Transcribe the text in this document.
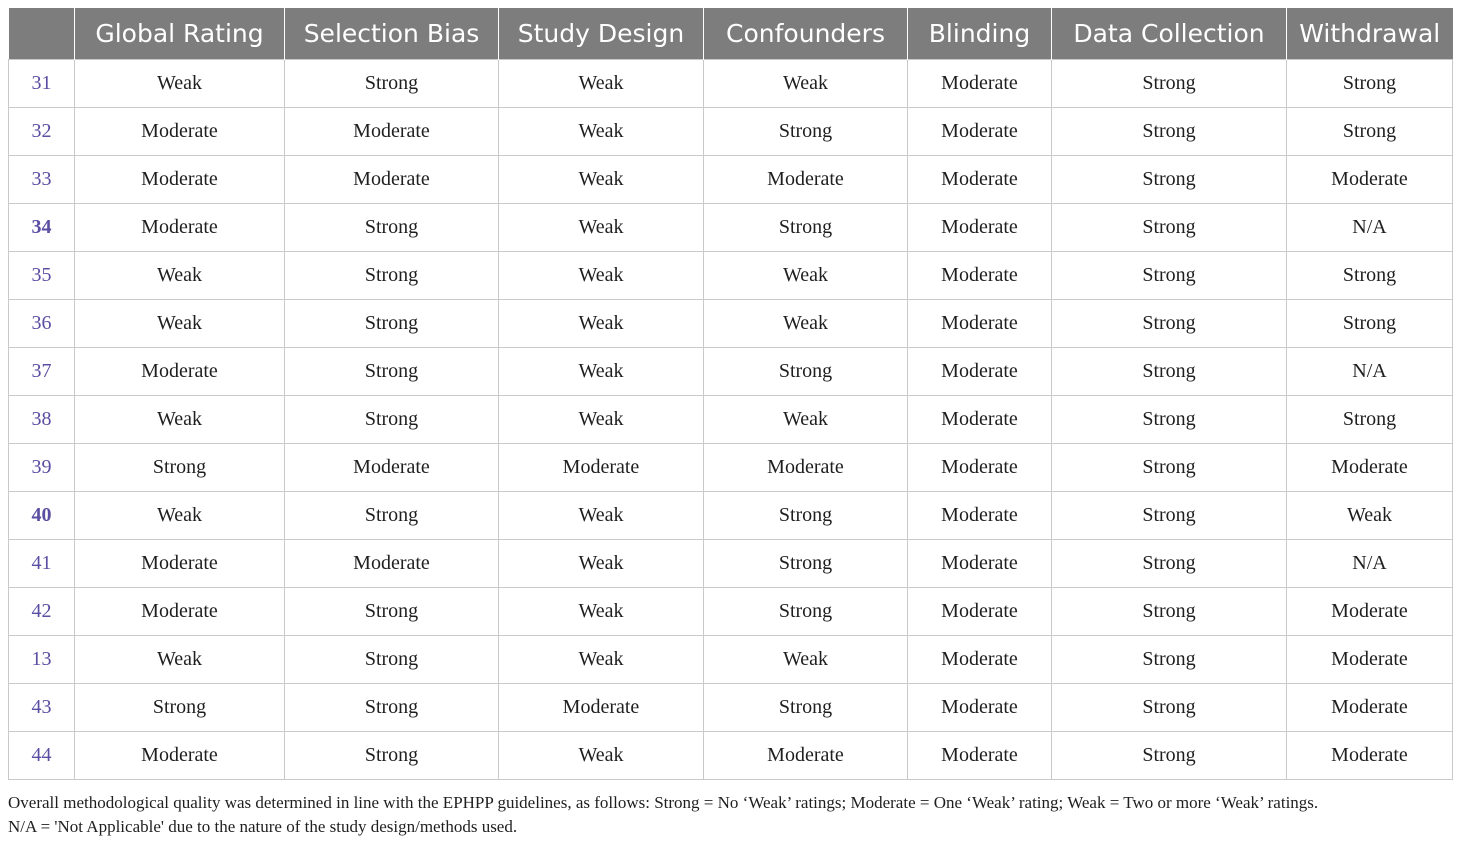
	Global Rating	Selection Bias	Study Design	Confounders	Blinding	Data Collection	Withdrawal
31	Weak	Strong	Weak	Weak	Moderate	Strong	Strong
32	Moderate	Moderate	Weak	Strong	Moderate	Strong	Strong
33	Moderate	Moderate	Weak	Moderate	Moderate	Strong	Moderate
34	Moderate	Strong	Weak	Strong	Moderate	Strong	N/A
35	Weak	Strong	Weak	Weak	Moderate	Strong	Strong
36	Weak	Strong	Weak	Weak	Moderate	Strong	Strong
37	Moderate	Strong	Weak	Strong	Moderate	Strong	N/A
38	Weak	Strong	Weak	Weak	Moderate	Strong	Strong
39	Strong	Moderate	Moderate	Moderate	Moderate	Strong	Moderate
40	Weak	Strong	Weak	Strong	Moderate	Strong	Weak
41	Moderate	Moderate	Weak	Strong	Moderate	Strong	N/A
42	Moderate	Strong	Weak	Strong	Moderate	Strong	Moderate
13	Weak	Strong	Weak	Weak	Moderate	Strong	Moderate
43	Strong	Strong	Moderate	Strong	Moderate	Strong	Moderate
44	Moderate	Strong	Weak	Moderate	Moderate	Strong	Moderate

Overall methodological quality was determined in line with the EPHPP guidelines, as follows: Strong = No ‘Weak’ ratings; Moderate = One ‘Weak’ rating; Weak = Two or more ‘Weak’ ratings.

N/A = 'Not Applicable' due to the nature of the study design/methods used.
